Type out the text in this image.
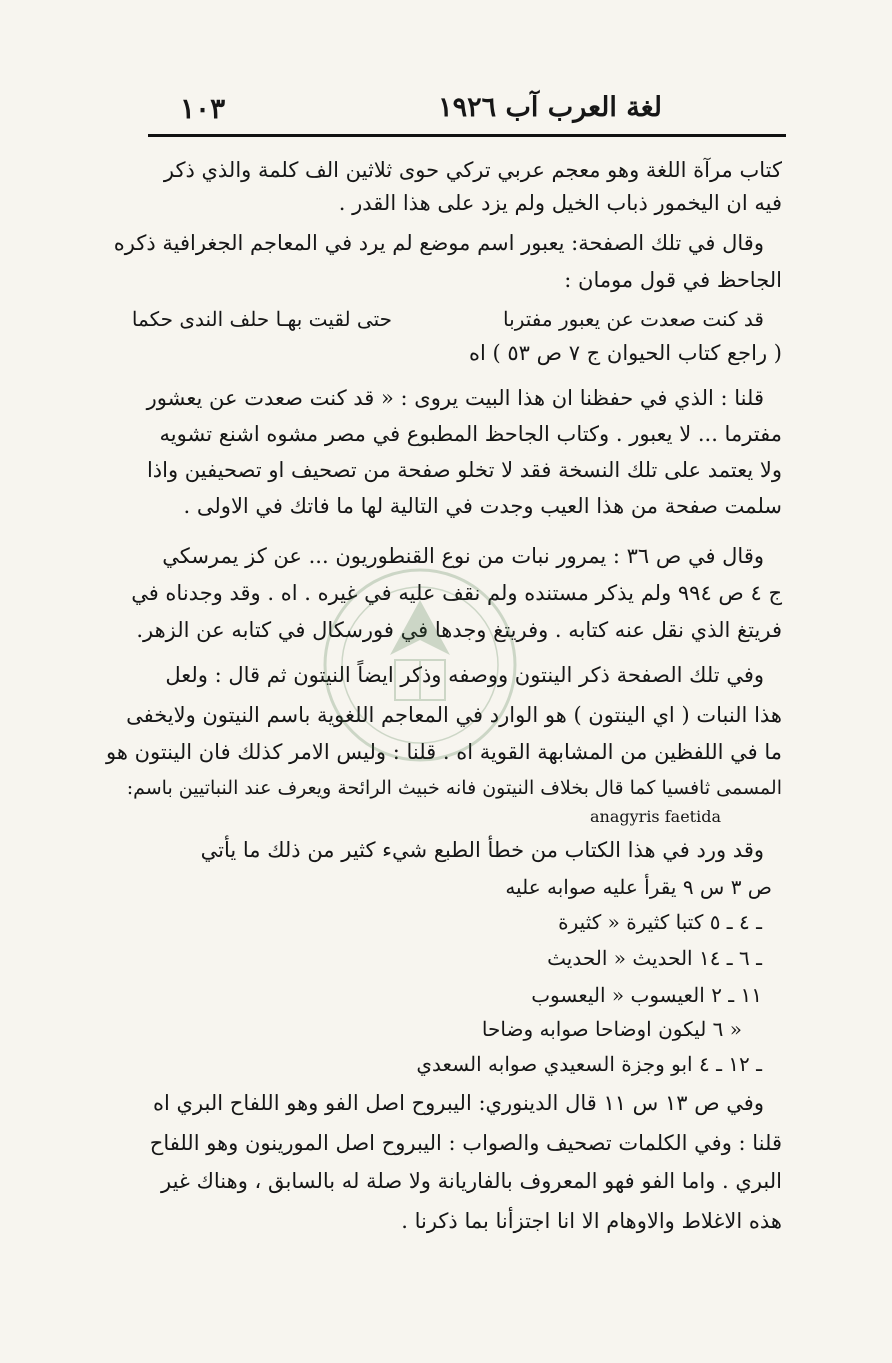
لغة العرب آب ١٩٢٦
١٠٣
كتاب مرآة اللغة وهو معجم عربي تركي حوى ثلاثين الف كلمة والذي ذكر
فيه ان اليخمور ذباب الخيل ولم يزد على هذا القدر .
وقال في تلك الصفحة: يعبور اسم موضع لم يرد في المعاجم الجغرافية ذكره
الجاحظ في قول مومان :
قد كنت صعدت عن يعبور مفتربا
حتى لقيت بهـا حلف الندى حكما
( راجع كتاب الحيوان ج ٧ ص ٥٣ ) اه
قلنا : الذي في حفظنا ان هذا البيت يروى : « قد كنت صعدت عن يعشور
مفترما ... لا يعبور . وكتاب الجاحظ المطبوع في مصر مشوه اشنع تشويه
ولا يعتمد على تلك النسخة فقد لا تخلو صفحة من تصحيف او تصحيفين واذا
سلمت صفحة من هذا العيب وجدت في التالية لها ما فاتك في الاولى .
وقال في ص ٣٦ : يمرور نبات من نوع القنطوريون ... عن كز يمرسكي
ج ٤ ص ٩٩٤ ولم يذكر مستنده ولم نقف عليه في غيره . اه . وقد وجدناه في
فريتغ الذي نقل عنه كتابه . وفريتغ وجدها في فورسكال في كتابه عن الزهر.
وفي تلك الصفحة ذكر الينتون ووصفه وذكر ايضاً النيتون ثم قال : ولعل
هذا النبات ( اي الينتون ) هو الوارد في المعاجم اللغوية باسم النيتون ولايخفى
ما في اللفظين من المشابهة القوية اه . قلنا : وليس الامر كذلك فان الينتون هو
المسمى ثافسيا كما قال بخلاف النيتون فانه خبيث الرائحة ويعرف عند النباتيين باسم:
anagyris faetida
وقد ورد في هذا الكتاب من خطأ الطبع شيء كثير من ذلك ما يأتي
ص ٣ س ٩ يقرأ عليه صوابه عليه
ـ ٤ ـ ٥ كتبا كثيرة « كثيرة
ـ ٦ ـ ١٤ الحديث « الحديث
١١ ـ ٢ العيسوب « اليعسوب
« ٦ ليكون اوضاحا صوابه وضاحا
ـ ١٢ ـ ٤ ابو وجزة السعيدي صوابه السعدي
وفي ص ١٣ س ١١ قال الدينوري: اليبروح اصل الفو وهو اللفاح البري اه
قلنا : وفي الكلمات تصحيف والصواب : اليبروح اصل المورينون وهو اللفاح
البري . واما الفو فهو المعروف بالفاريانة ولا صلة له بالسابق ، وهناك غير
هذه الاغلاط والاوهام الا انا اجتزأنا بما ذكرنا .
